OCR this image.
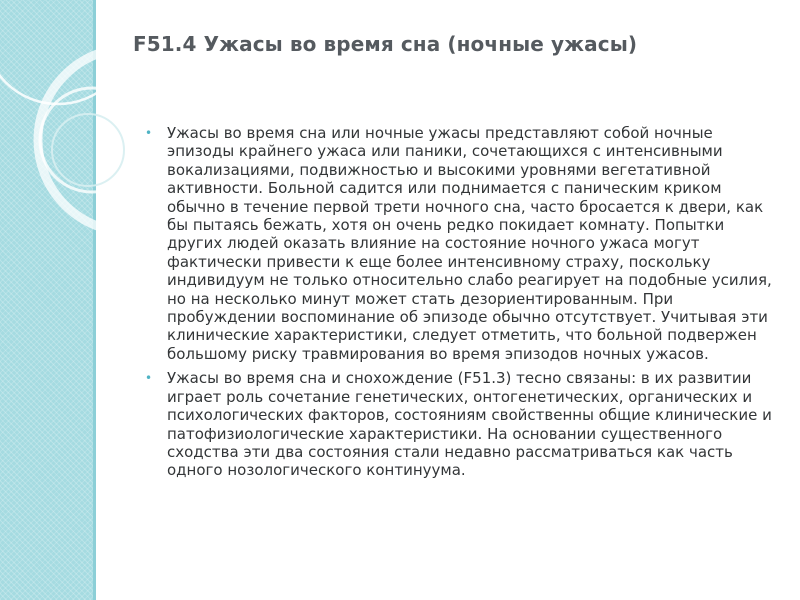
F51.4 Ужасы во время сна (ночные ужасы)
• Ужасы во время сна или ночные ужасы представляют собой ночные эпизоды крайнего ужаса или паники, сочетающихся с интенсивными вокализациями, подвижностью и высокими уровнями вегетативной активности. Больной садится или поднимается с паническим криком обычно в течение первой трети ночного сна, часто бросается к двери, как бы пытаясь бежать, хотя он очень редко покидает комнату. Попытки других людей оказать влияние на состояние ночного ужаса могут фактически привести к еще более интенсивному страху, поскольку индивидуум не только относительно слабо реагирует на подобные усилия, но на несколько минут может стать дезориентированным. При пробуждении воспоминание об эпизоде обычно отсутствует. Учитывая эти клинические характеристики, следует отметить, что больной подвержен большому риску травмирования во время эпизодов ночных ужасов.
• Ужасы во время сна и снохождение (F51.3) тесно связаны: в их развитии играет роль сочетание генетических, онтогенетических, органических и психологических факторов, состояниям свойственны общие клинические и патофизиологические характеристики. На основании существенного сходства эти два состояния стали недавно рассматриваться как часть одного нозологического континуума.
